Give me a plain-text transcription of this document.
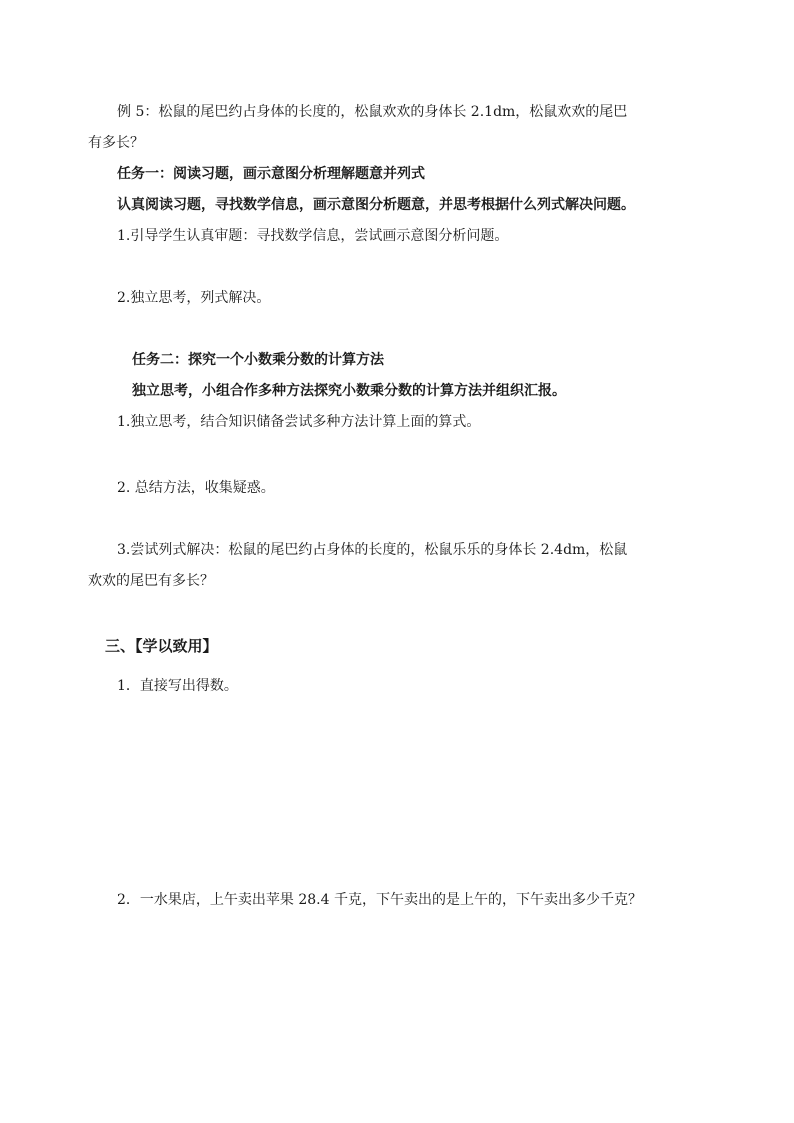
例 5：松鼠的尾巴约占身体的长度的，松鼠欢欢的身体长 2.1dm，松鼠欢欢的尾巴
有多长？
任务一：阅读习题，画示意图分析理解题意并列式
认真阅读习题，寻找数学信息，画示意图分析题意，并思考根据什么列式解决问题。
1.引导学生认真审题：寻找数学信息，尝试画示意图分析问题。
2.独立思考，列式解决。
任务二：探究一个小数乘分数的计算方法
独立思考，小组合作多种方法探究小数乘分数的计算方法并组织汇报。
1.独立思考，结合知识储备尝试多种方法计算上面的算式。
2. 总结方法，收集疑惑。
3.尝试列式解决：松鼠的尾巴约占身体的长度的，松鼠乐乐的身体长 2.4dm，松鼠
欢欢的尾巴有多长？
三、【学以致用】
1．直接写出得数。
2．一水果店，上午卖出苹果 28.4 千克，下午卖出的是上午的，下午卖出多少千克？
